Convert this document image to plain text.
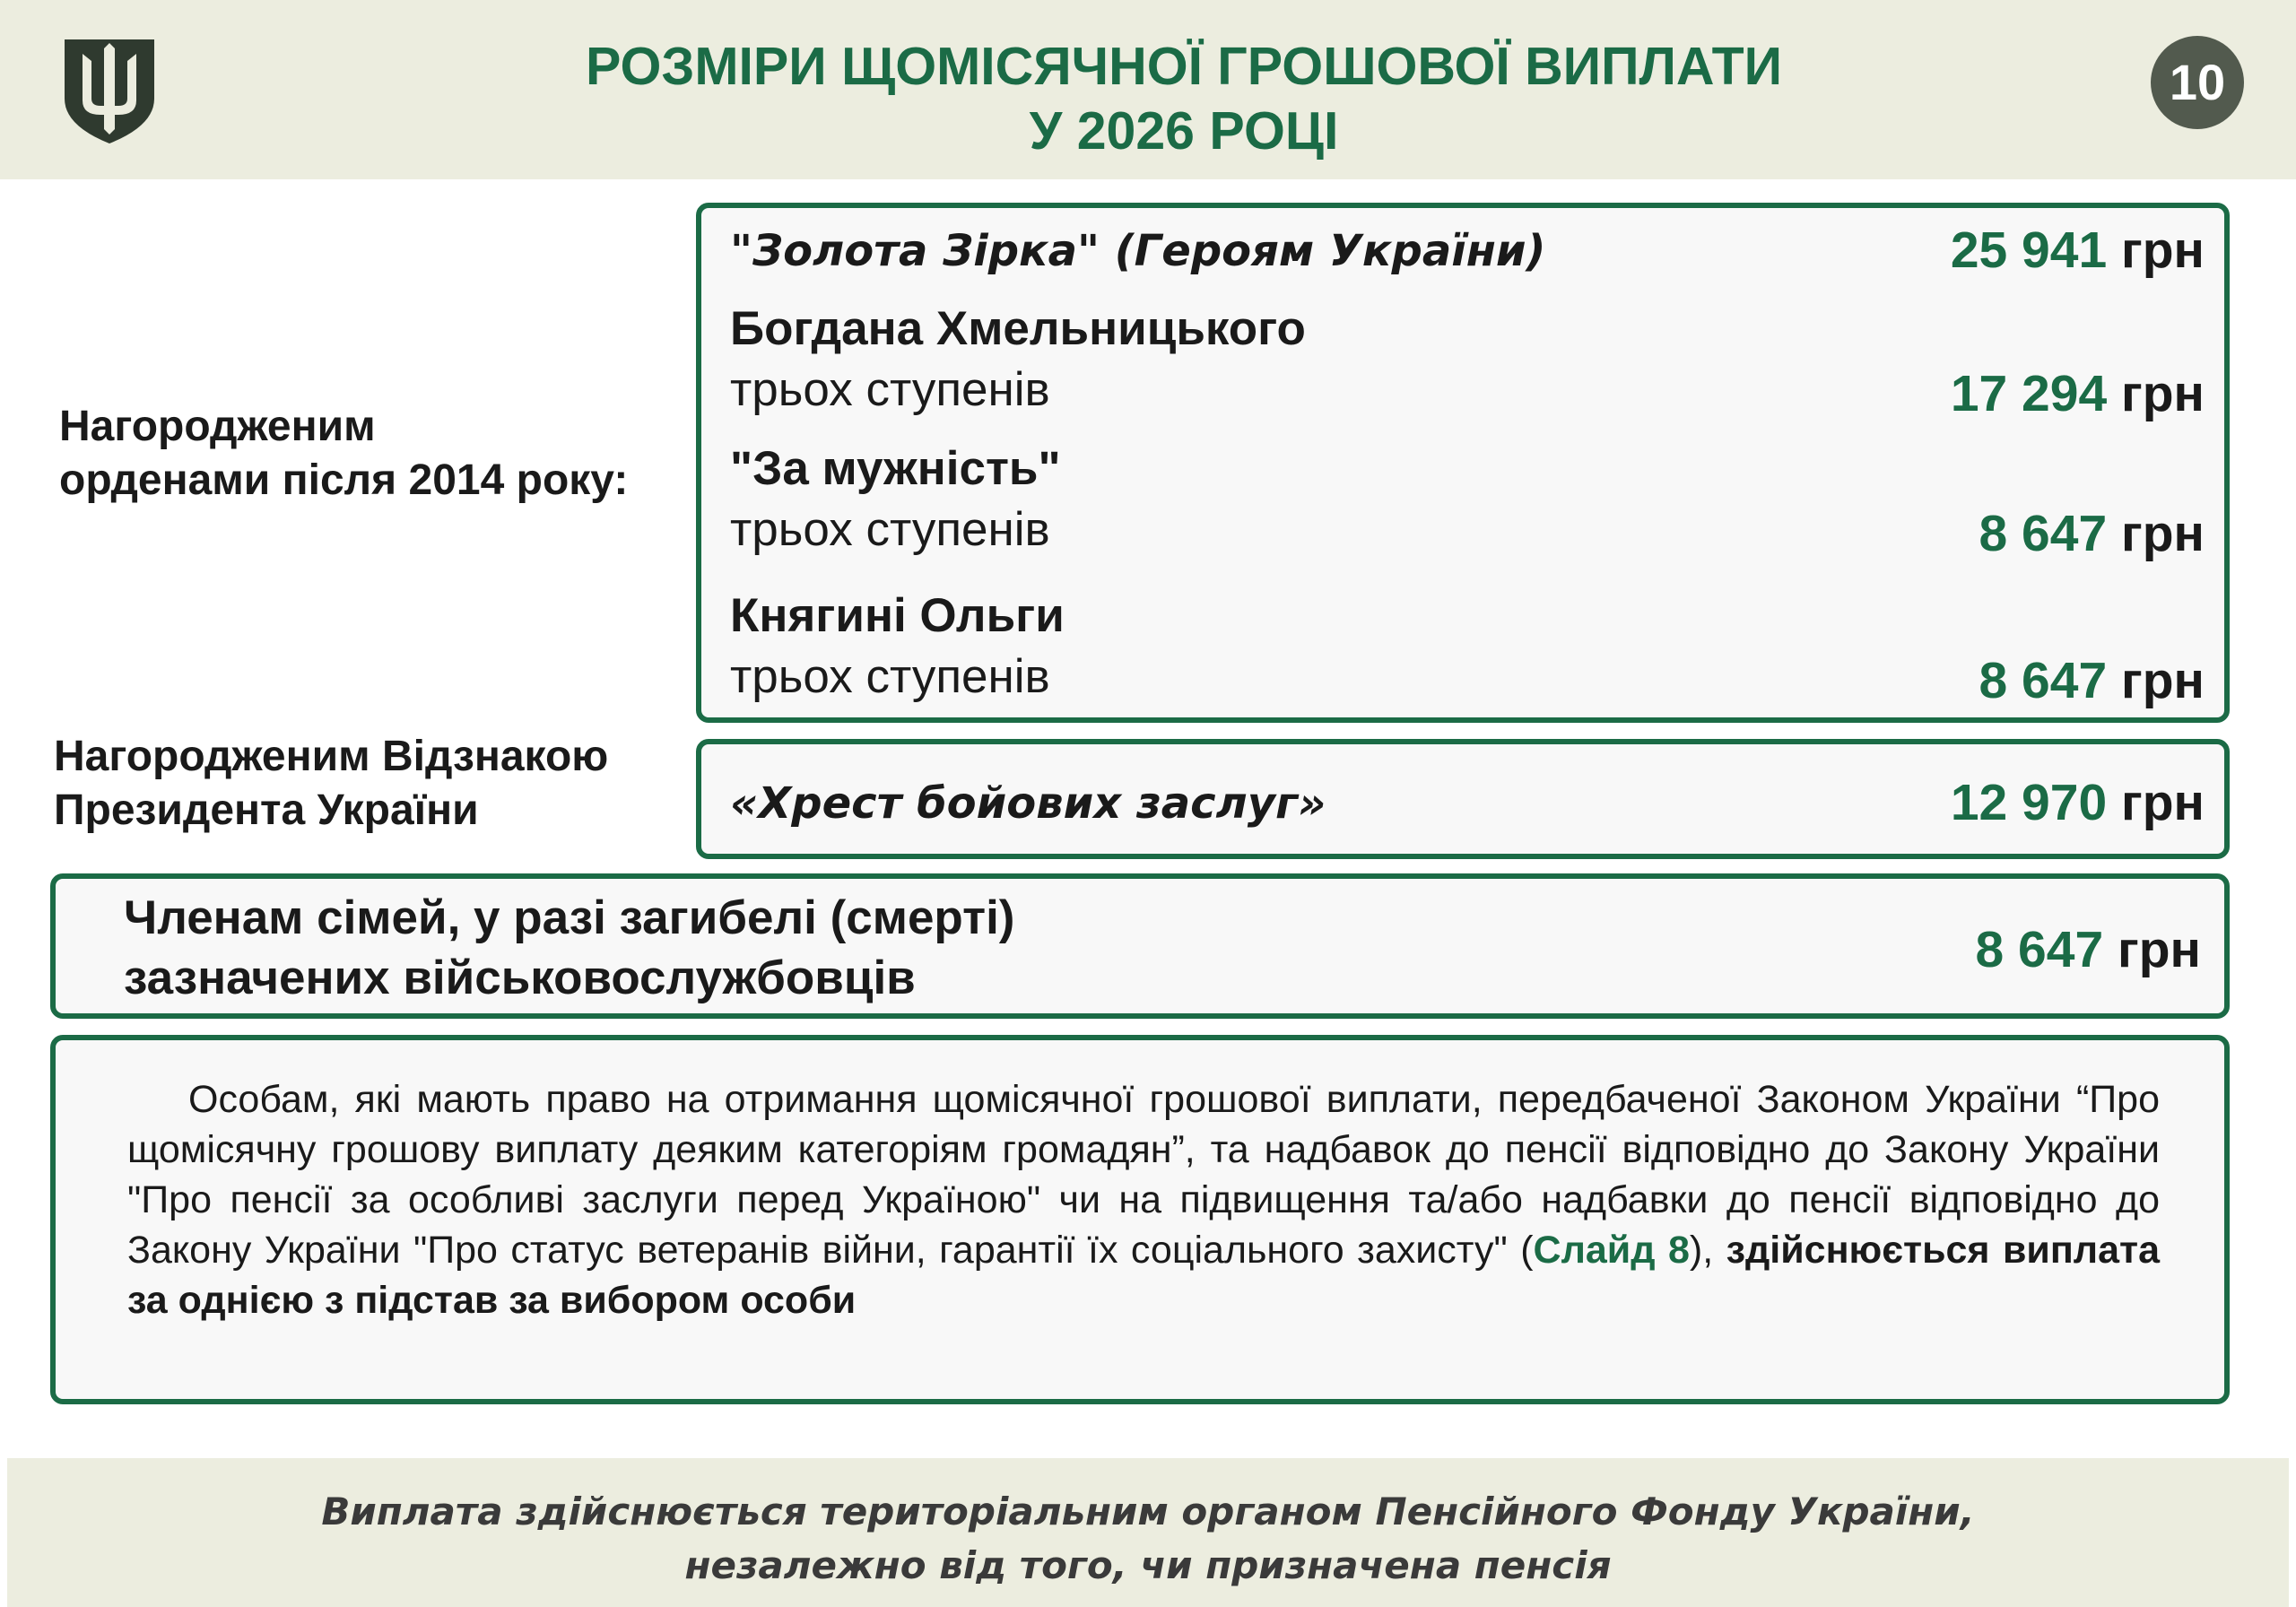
РОЗМІРИ ЩОМІСЯЧНОЇ ГРОШОВОЇ ВИПЛАТИ
У 2026 РОЦІ
10
Нагородженим
орденами після 2014 року:
"Золота Зірка" (Героям України)	25 941 грн
Богдана Хмельницького
трьох ступенів	17 294 грн
"За мужність"
трьох ступенів	8 647 грн
Княгині Ольги
трьох ступенів	8 647 грн
Нагородженим Відзнакою
Президента України	«Хрест бойових заслуг»	12 970 грн
Членам сімей, у разі загибелі (смерті)
зазначених військовослужбовців	8 647 грн
Особам, які мають право на отримання щомісячної грошової виплати, передбаченої Законом України “Про щомісячну грошову виплату деяким категоріям громадян”, та надбавок до пенсії відповідно до Закону України "Про пенсії за особливі заслуги перед Україною" чи на підвищення та/або надбавки до пенсії відповідно до Закону України "Про статус ветеранів війни, гарантії їх соціального захисту" (Слайд 8), здійснюється виплата за однією з підстав за вибором особи
Виплата здійснюється територіальним органом Пенсійного Фонду України,
незалежно від того, чи призначена пенсія
